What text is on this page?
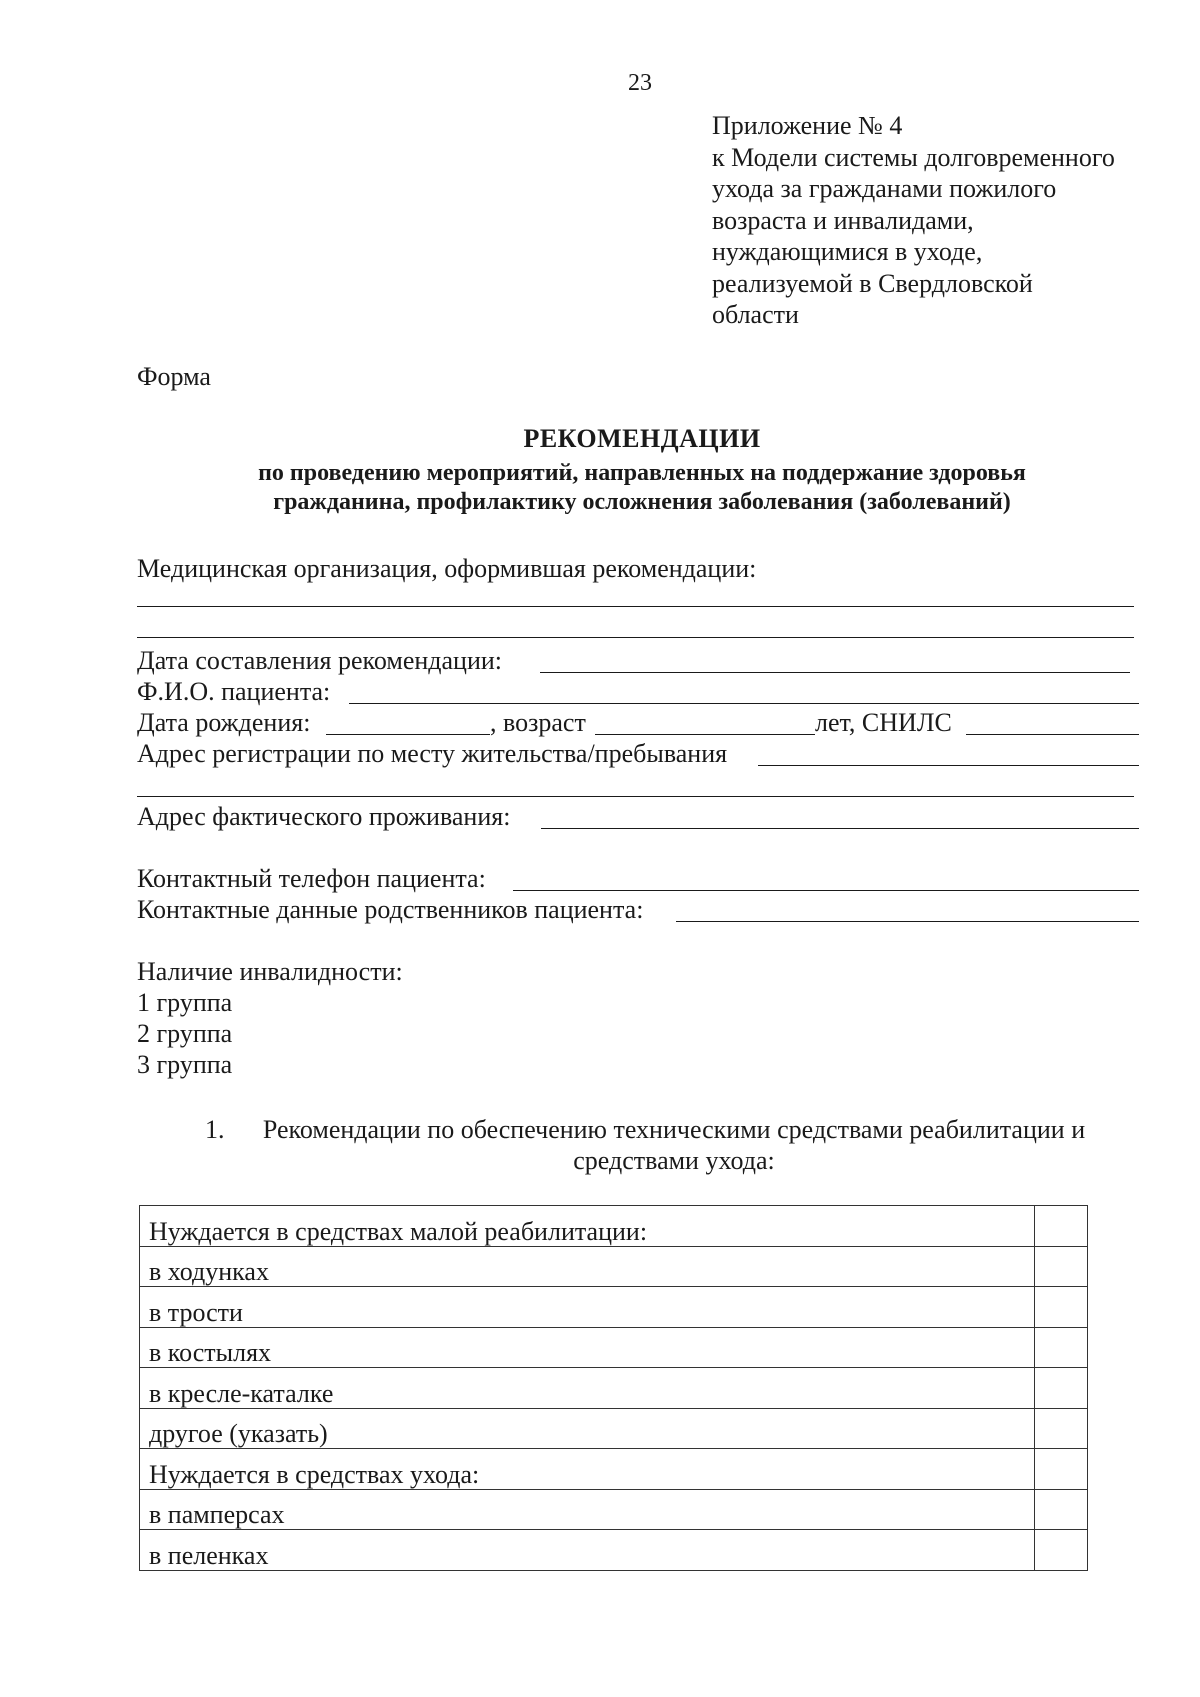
23
Приложение № 4
к Модели системы долговременного
ухода за гражданами пожилого
возраста и инвалидами,
нуждающимися в уходе,
реализуемой в Свердловской
области
Форма
РЕКОМЕНДАЦИИ
по проведению мероприятий, направленных на поддержание здоровья
гражданина, профилактику осложнения заболевания (заболеваний)
Медицинская организация, оформившая рекомендации:
Дата составления рекомендации:
Ф.И.О. пациента:
Дата рождения:	, возраст	лет, СНИЛС
Адрес регистрации по месту жительства/пребывания
Адрес фактического проживания:
Контактный телефон пациента:
Контактные данные родственников пациента:
Наличие инвалидности:
1 группа
2 группа
3 группа
1.	Рекомендации по обеспечению техническими средствами реабилитации и
средствами ухода:
Нуждается в средствах малой реабилитации:	
в ходунках	
в трости	
в костылях	
в кресле-каталке	
другое (указать)	
Нуждается в средствах ухода:	
в памперсах	
в пеленках	
